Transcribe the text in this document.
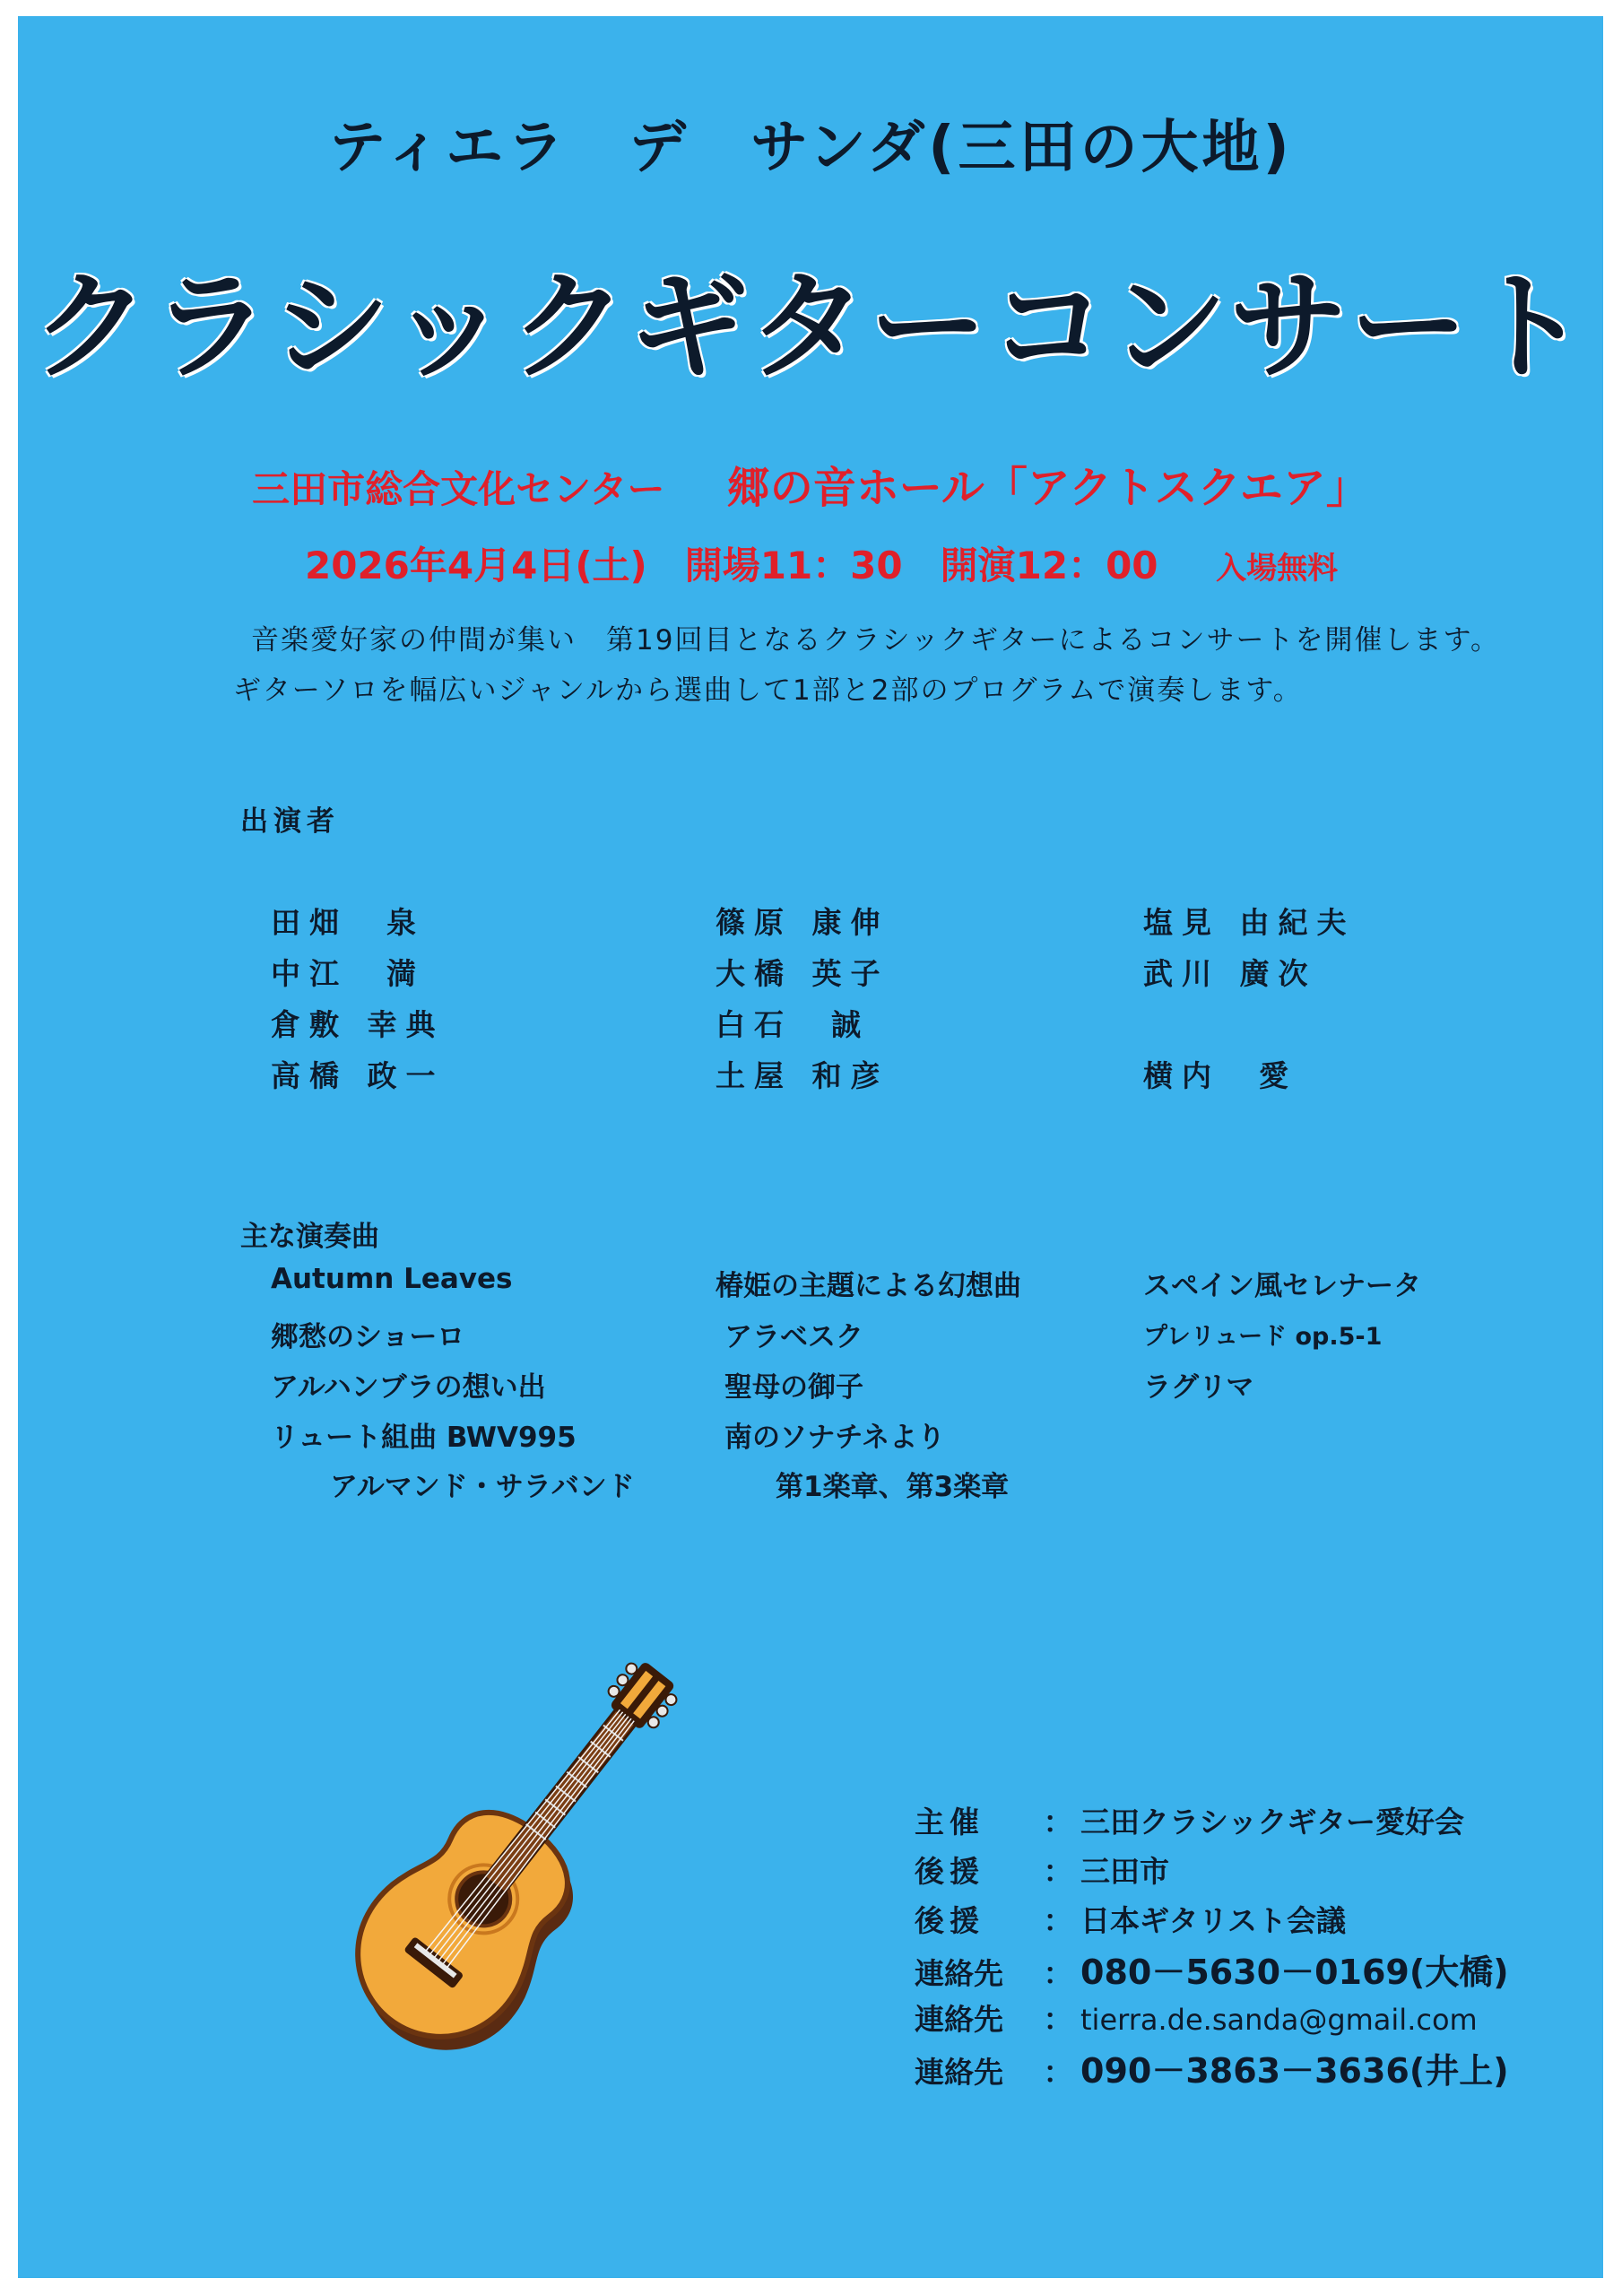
ティエラ　デ　サンダ(三田の大地)
クラシックギターコンサート
三田市総合文化センター 郷の音ホール「アクトスクエア」
2026年4月4日(土)　開場11：30　開演12：00 入場無料
音楽愛好家の仲間が集い　第19回目となるクラシックギターによるコンサートを開催します。
ギターソロを幅広いジャンルから選曲して1部と2部のプログラムで演奏します。
出演者
田畑　泉
中江　満
倉敷 幸典
高橋 政一
篠原 康伸
大橋 英子
白石　誠
土屋 和彦
塩見 由紀夫
武川 廣次
横内　愛
主な演奏曲
Autumn Leaves
郷愁のショーロ
アルハンブラの想い出
リュート組曲 BWV995
アルマンド・サラバンド
椿姫の主題による幻想曲
アラベスク
聖母の御子
南のソナチネより
第1楽章、第3楽章
スペイン風セレナータ
プレリュード op.5-1
ラグリマ
主催 ： 三田クラシックギター愛好会
後援 ： 三田市
後援 ： 日本ギタリスト会議
連絡先 ： 080－5630－0169(大橋)
連絡先 ： tierra.de.sanda@gmail.com
連絡先 ： 090－3863－3636(井上)
